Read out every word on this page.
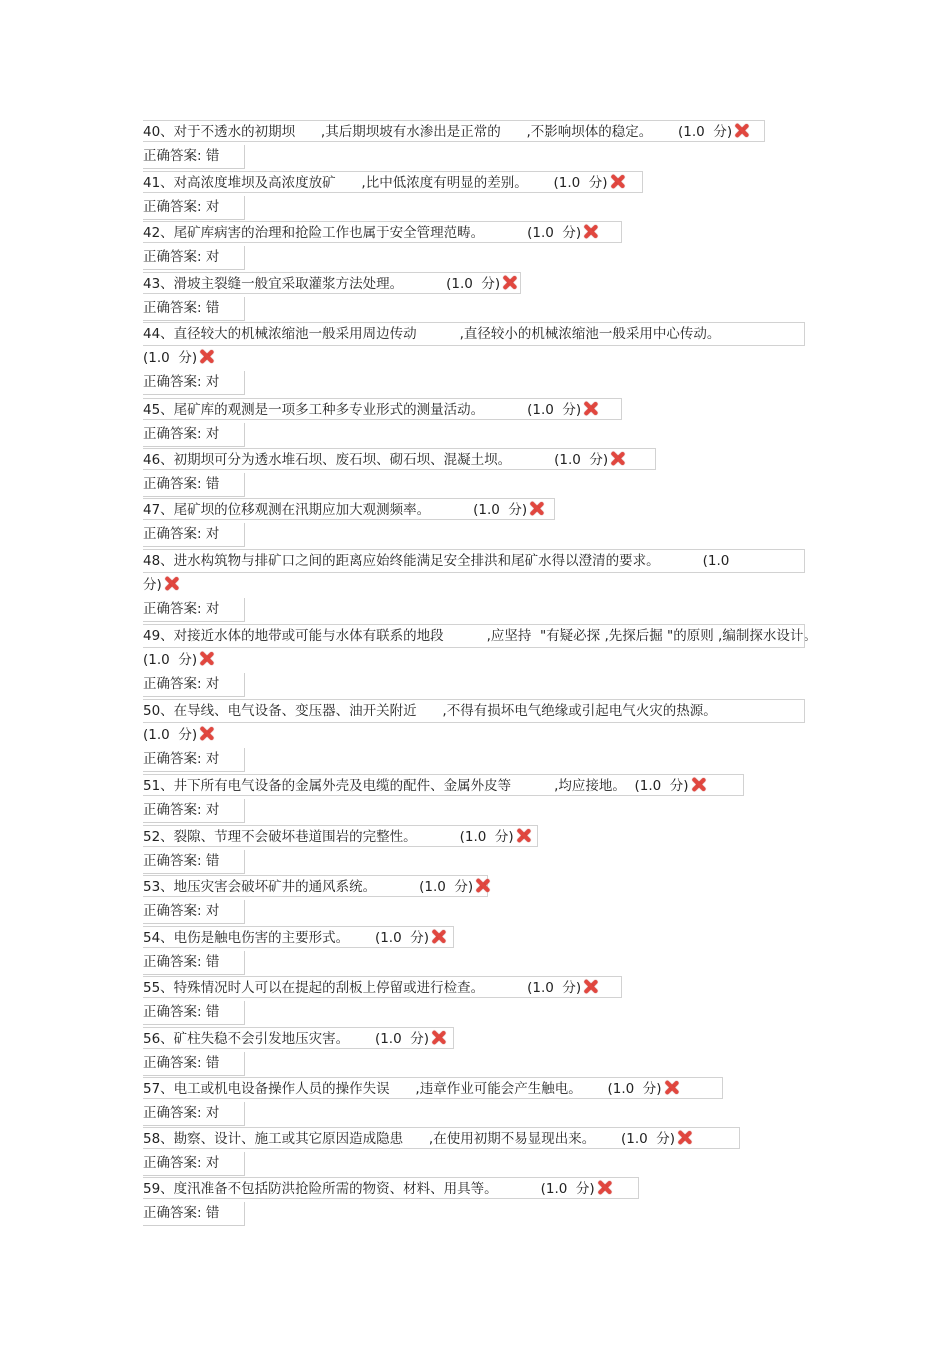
40、对于不透水的初期坝      ,其后期坝坡有水渗出是正常的      ,不影响坝体的稳定。      (1.0  分)
正确答案: 错
41、对高浓度堆坝及高浓度放矿      ,比中低浓度有明显的差别。      (1.0  分)
正确答案: 对
42、尾矿库病害的治理和抢险工作也属于安全管理范畴。          (1.0  分)
正确答案: 对
43、滑坡主裂缝一般宜采取灌浆方法处理。          (1.0  分)
正确答案: 错
44、直径较大的机械浓缩池一般采用周边传动          ,直径较小的机械浓缩池一般采用中心传动。
(1.0  分)
正确答案: 对
45、尾矿库的观测是一项多工种多专业形式的测量活动。          (1.0  分)
正确答案: 对
46、初期坝可分为透水堆石坝、废石坝、砌石坝、混凝土坝。          (1.0  分)
正确答案: 错
47、尾矿坝的位移观测在汛期应加大观测频率。          (1.0  分)
正确答案: 对
48、进水构筑物与排矿口之间的距离应始终能满足安全排洪和尾矿水得以澄清的要求。          (1.0
分)
正确答案: 对
49、对接近水体的地带或可能与水体有联系的地段          ,应坚持  "有疑必探 ,先探后掘 "的原则 ,编制探水设计。
(1.0  分)
正确答案: 对
50、在导线、电气设备、变压器、油开关附近      ,不得有损坏电气绝缘或引起电气火灾的热源。
(1.0  分)
正确答案: 对
51、井下所有电气设备的金属外壳及电缆的配件、金属外皮等          ,均应接地。  (1.0  分)
正确答案: 对
52、裂隙、节理不会破坏巷道围岩的完整性。          (1.0  分)
正确答案: 错
53、地压灾害会破坏矿井的通风系统。          (1.0  分)
正确答案: 对
54、电伤是触电伤害的主要形式。      (1.0  分)
正确答案: 错
55、特殊情况时人可以在提起的刮板上停留或进行检查。          (1.0  分)
正确答案: 错
56、矿柱失稳不会引发地压灾害。      (1.0  分)
正确答案: 错
57、电工或机电设备操作人员的操作失误      ,违章作业可能会产生触电。      (1.0  分)
正确答案: 对
58、勘察、设计、施工或其它原因造成隐患      ,在使用初期不易显现出来。      (1.0  分)
正确答案: 对
59、度汛准备不包括防洪抢险所需的物资、材料、用具等。          (1.0  分)
正确答案: 错
